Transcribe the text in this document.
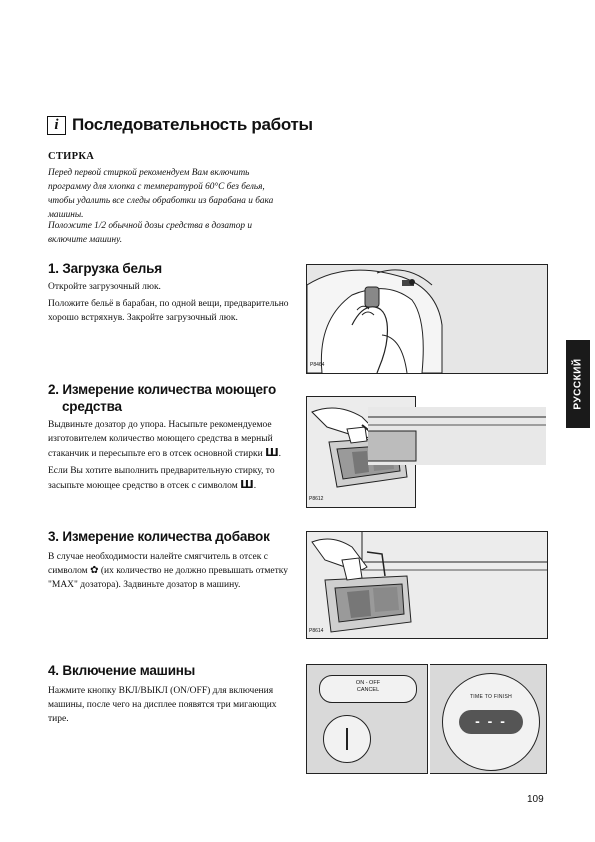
i Последовательность работы
СТИРКА
Перед первой стиркой рекомендуем Вам включить программу для хлопка с температурой 60°С без белья, чтобы удалить все следы обработки из барабана и бака машины.
Положите 1/2 обычной дозы средства в дозатор и включите машину.
1. Загрузка белья

Откройте загрузочный люк.

Положите бельё в барабан, по одной вещи, предварительно хорошо встряхнув. Закройте загрузочный люк.

P8464
2. Измерение количества моющего
средства

Выдвиньте дозатор до упора. Насыпьте рекомендуемое изготовителем количество моющего средства в мерный стаканчик и пересыпьте его в отсек основной стирки Ш.

Если Вы хотите выполнить предварительную стирку, то засыпьте моющее средство в отсек с символом Ш.

P8612
3. Измерение количества добавок

В случае необходимости налейте смягчитель в отсек с символом ✿ (их количество не должно превышать отметку "MAX" дозатора). Задвиньте дозатор в машину.

P8614
4. Включение машины

Нажмите кнопку ВКЛ/ВЫКЛ (ON/OFF) для включения машины, после чего на дисплее появятся три мигающих тире.

ON - OFF
CANCEL
TIME TO FINISH
- - -
РУССКИЙ
109
